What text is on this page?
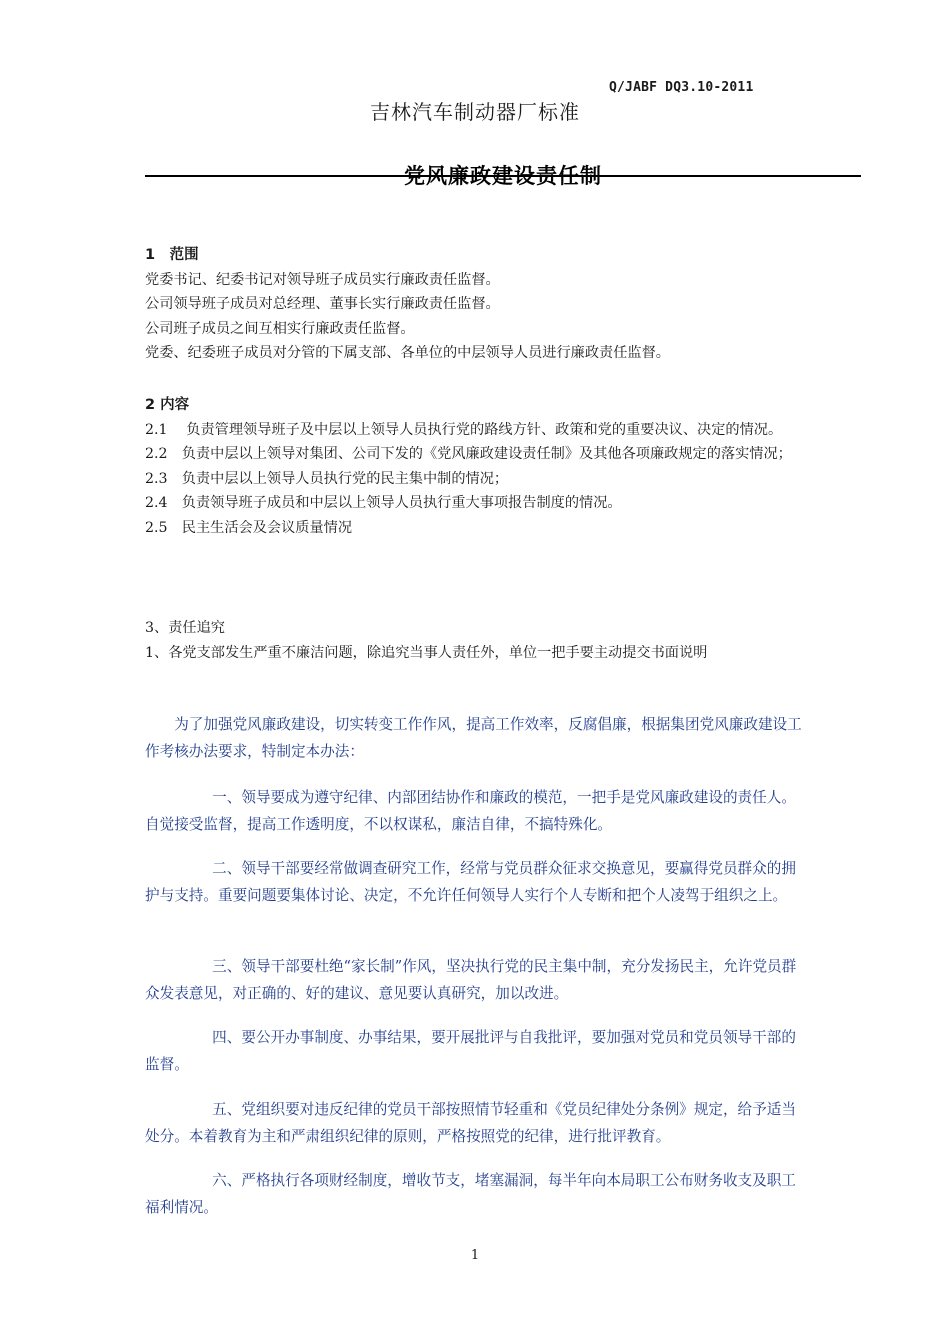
Q/JABF DQ3.10-2011
吉林汽车制动器厂标准
党风廉政建设责任制

1　范围

党委书记、纪委书记对领导班子成员实行廉政责任监督。

公司领导班子成员对总经理、董事长实行廉政责任监督。

公司班子成员之间互相实行廉政责任监督。

党委、纪委班子成员对分管的下属支部、各单位的中层领导人员进行廉政责任监督。

2 内容

2.1　 负责管理领导班子及中层以上领导人员执行党的路线方针、政策和党的重要决议、决定的情况。

2.2　负责中层以上领导对集团、公司下发的《党风廉政建设责任制》及其他各项廉政规定的落实情况；

2.3　负责中层以上领导人员执行党的民主集中制的情况；

2.4　负责领导班子成员和中层以上领导人员执行重大事项报告制度的情况。

2.5　民主生活会及会议质量情况

3、责任追究

1、各党支部发生严重不廉洁问题，除追究当事人责任外，单位一把手要主动提交书面说明

为了加强党风廉政建设，切实转变工作作风，提高工作效率，反腐倡廉，根据集团党风廉政建设工作考核办法要求，特制定本办法：

一、领导要成为遵守纪律、内部团结协作和廉政的模范，一把手是党风廉政建设的责任人。自觉接受监督，提高工作透明度，不以权谋私，廉洁自律，不搞特殊化。

二、领导干部要经常做调查研究工作，经常与党员群众征求交换意见，要赢得党员群众的拥护与支持。重要问题要集体讨论、决定，不允许任何领导人实行个人专断和把个人凌驾于组织之上。

三、领导干部要杜绝“家长制”作风，坚决执行党的民主集中制，充分发扬民主，允许党员群众发表意见，对正确的、好的建议、意见要认真研究，加以改进。

四、要公开办事制度、办事结果，要开展批评与自我批评，要加强对党员和党员领导干部的监督。

五、党组织要对违反纪律的党员干部按照情节轻重和《党员纪律处分条例》规定，给予适当处分。本着教育为主和严肃组织纪律的原则，严格按照党的纪律，进行批评教育。

六、严格执行各项财经制度，增收节支，堵塞漏洞，每半年向本局职工公布财务收支及职工福利情况。

1
